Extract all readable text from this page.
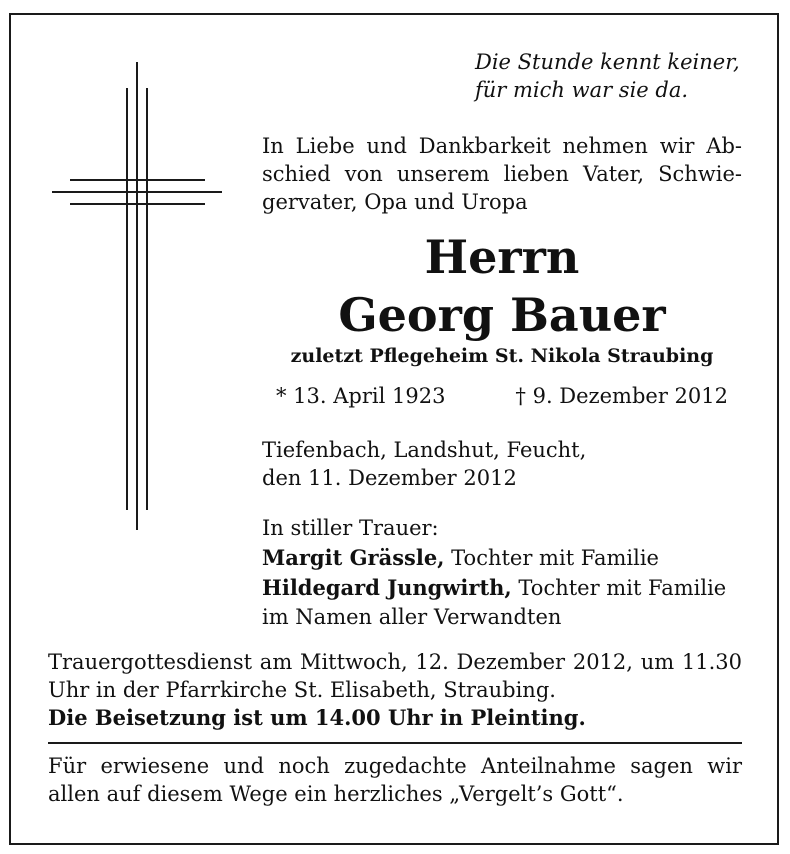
Die Stunde kennt keiner,
für mich war sie da.
In Liebe und Dankbarkeit nehmen wir Ab-
schied von unserem lieben Vater, Schwie-
gervater, Opa und Uropa
Herrn
Georg Bauer
zuletzt Pflegeheim St. Nikola Straubing
* 13. April 1923	† 9. Dezember 2012
Tiefenbach, Landshut, Feucht,
den 11. Dezember 2012
In stiller Trauer:
Margit Grässle, Tochter mit Familie
Hildegard Jungwirth, Tochter mit Familie
im Namen aller Verwandten
Trauergottesdienst am Mittwoch, 12. Dezember 2012, um 11.30
Uhr in der Pfarrkirche St. Elisabeth, Straubing.
Die Beisetzung ist um 14.00 Uhr in Pleinting.
Für erwiesene und noch zugedachte Anteilnahme sagen wir
allen auf diesem Wege ein herzliches „Vergelt’s Gott“.
